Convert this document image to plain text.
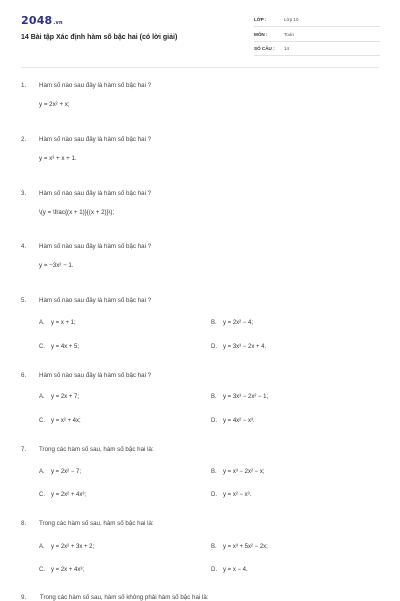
2048.vn
14 Bài tập Xác định hàm số bậc hai (có lời giải)
LỚP :	Lớp 10
MÔN :	Toán
SỐ CÂU : 14
1. Hàm số nào sau đây là hàm số bậc hai ?
y = 2x² + x;
2. Hàm số nào sau đây là hàm số bậc hai ?
y = x³ + x + 1.
3. Hàm số nào sau đây là hàm số bậc hai ?
\(y = \frac{(x + 1)}{(x + 2)}\);
4. Hàm số nào sau đây là hàm số bậc hai ?
y = −3x² − 1.
5. Hàm số nào sau đây là hàm số bậc hai ?
A. y = x + 1;	B. y = 2x² − 4;
C. y = 4x + 5;	D. y = 3x³ − 2x + 4.
6. Hàm số nào sau đây là hàm số bậc hai ?
A. y = 2x + 7;	B. y = 3x³ − 2x² − 1;
C. y = x² + 4x;	D. y = 4x² − x³.
7. Trong các hàm số sau, hàm số bậc hai là:
A. y = 2x² − 7;	B. y = x³ − 2x² − x;
C. y = 2x² + 4x³;	D. y = x² − x³.
8. Trong các hàm số sau, hàm số bậc hai là:
A. y = 2x² + 3x + 2;	B. y = x³ + 5x² − 2x;
C. y = 2x + 4x³;	D. y = x − 4.
9. Trong các hàm số sau, hàm số không phải hàm số bậc hai là:
